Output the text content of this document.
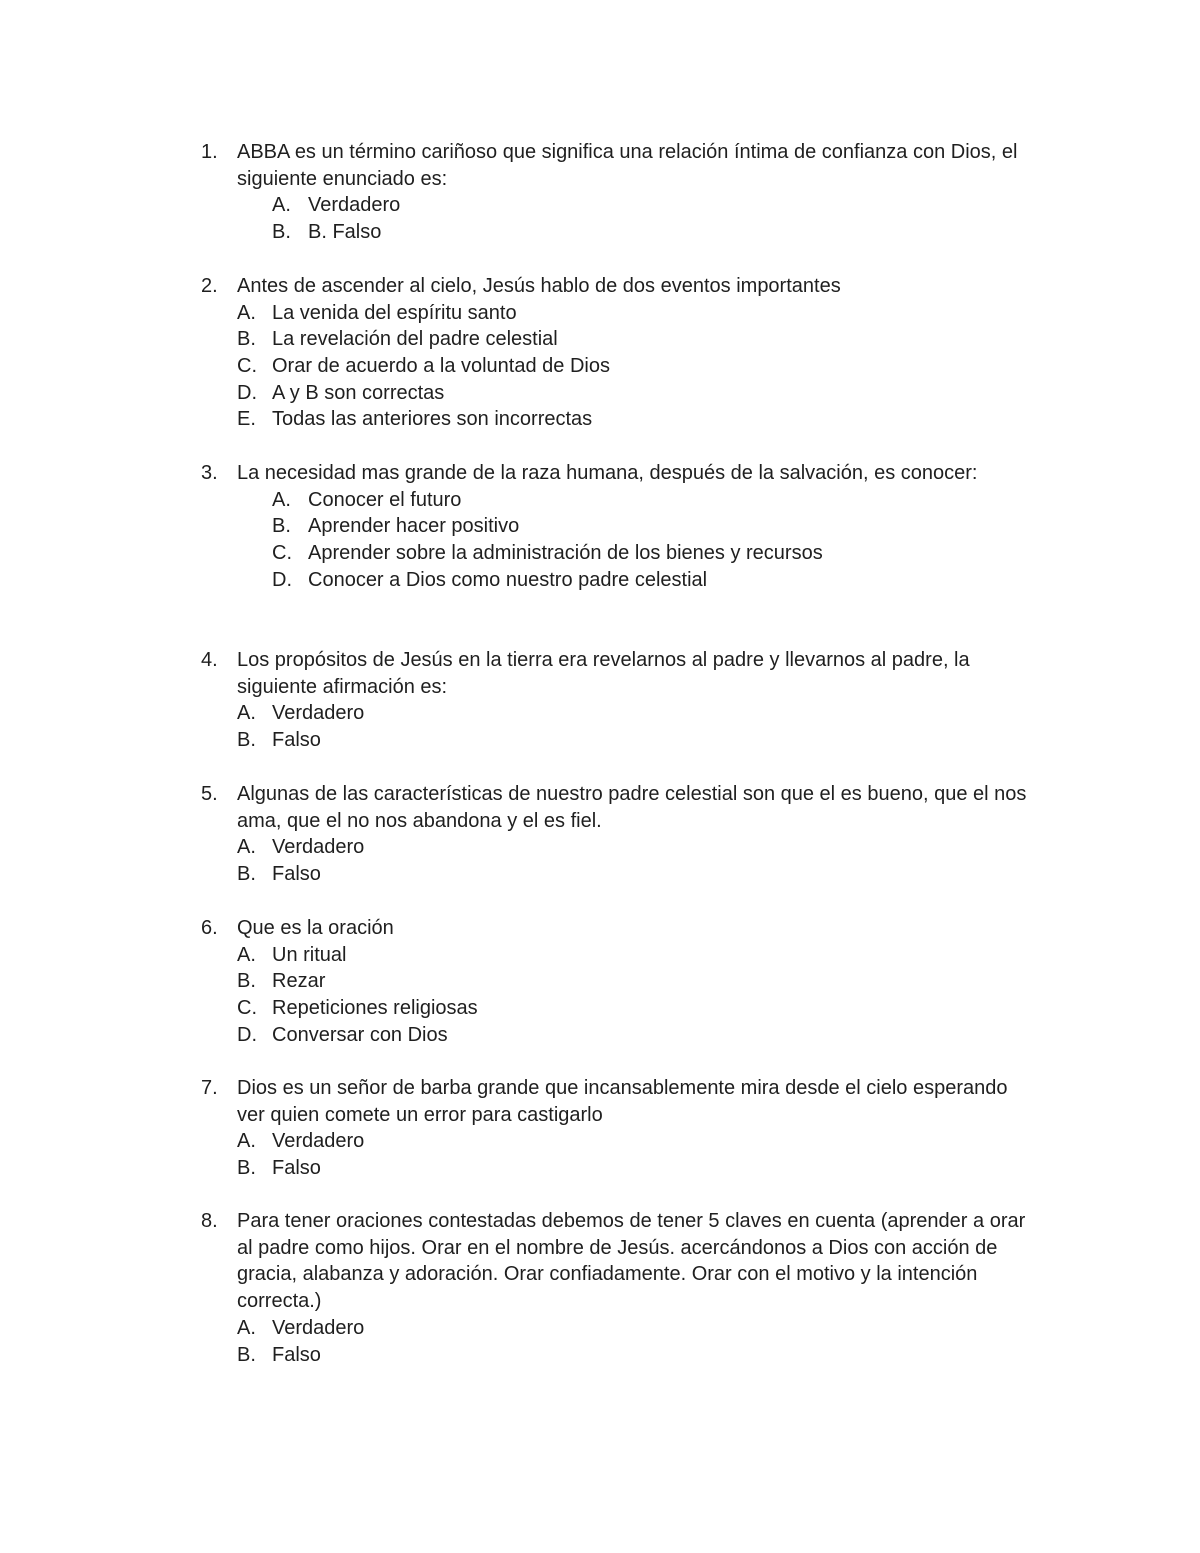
1. ABBA es un término cariñoso que significa una relación íntima de confianza con Dios, el siguiente enunciado es:
A. Verdadero
B. B. Falso
2. Antes de ascender al cielo, Jesús hablo de dos eventos importantes
A. La venida del espíritu santo
B. La revelación del padre celestial
C. Orar de acuerdo a la voluntad de Dios
D. A y B son correctas
E. Todas las anteriores son incorrectas
3. La necesidad mas grande de la raza humana, después de la salvación, es conocer:
A. Conocer el futuro
B. Aprender hacer positivo
C. Aprender sobre la administración de los bienes y recursos
D. Conocer a Dios como nuestro padre celestial
4. Los propósitos de Jesús en la tierra era revelarnos al padre y llevarnos al padre, la siguiente afirmación es:
A. Verdadero
B. Falso
5. Algunas de las características de nuestro padre celestial son que el es bueno, que el nos ama, que el no nos abandona y el es fiel.
A. Verdadero
B. Falso
6. Que es la oración
A. Un ritual
B. Rezar
C. Repeticiones religiosas
D. Conversar con Dios
7. Dios es un señor de barba grande que incansablemente mira desde el cielo esperando ver quien comete un error para castigarlo
A. Verdadero
B. Falso
8. Para tener oraciones contestadas debemos de tener 5 claves en cuenta (aprender a orar al padre como hijos. Orar en el nombre de Jesús. acercándonos a Dios con acción de gracia, alabanza y adoración. Orar confiadamente. Orar con el motivo y la intención correcta.)
A. Verdadero
B. Falso
